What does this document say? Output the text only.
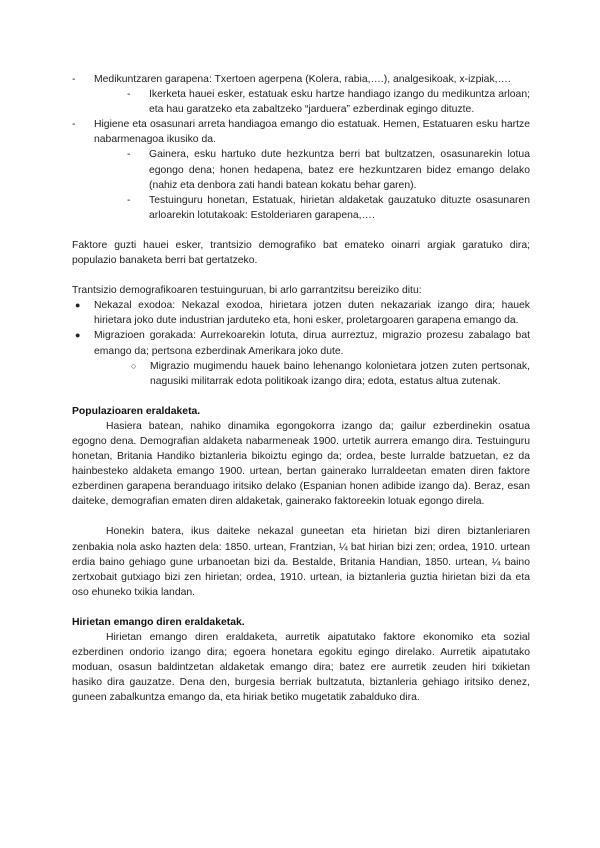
- Medikuntzaren garapena: Txertoen agerpena (Kolera, rabia,….), analgesikoak, x-izpiak,….
- Ikerketa hauei esker, estatuak esku hartze handiago izango du medikuntza arloan; eta hau garatzeko eta zabaltzeko “jarduera” ezberdinak egingo dituzte.
- Higiene eta osasunari arreta handiagoa emango dio estatuak. Hemen, Estatuaren esku hartze nabarmenagoa ikusiko da.
- Gainera, esku hartuko dute hezkuntza berri bat bultzatzen, osasunarekin lotua egongo dena; honen hedapena, batez ere hezkuntzaren bidez emango delako (nahiz eta denbora zati handi batean kokatu behar garen).
- Testuinguru honetan, Estatuak, hirietan aldaketak gauzatuko dituzte osasunaren arloarekin lotutakoak: Estolderiaren garapena,….

Faktore guzti hauei esker, trantsizio demografiko bat emateko oinarri argiak garatuko dira; populazio banaketa berri bat gertatzeko.

Trantsizio demografikoaren testuinguruan, bi arlo garrantzitsu bereiziko ditu:

● Nekazal exodoa: Nekazal exodoa, hirietara jotzen duten nekazariak izango dira; hauek hirietara joko dute industrian jarduteko eta, honi esker, proletargoaren garapena emango da.
● Migrazioen gorakada: Aurrekoarekin lotuta, dirua aurreztuz, migrazio prozesu zabalago bat emango da; pertsona ezberdinak Amerikara joko dute.
○ Migrazio mugimendu hauek baino lehenango kolonietara jotzen zuten pertsonak, nagusiki militarrak edota politikoak izango dira; edota, estatus altua zutenak.
Populazioaren eraldaketa.

Hasiera batean, nahiko dinamika egongokorra izango da; gailur ezberdinekin osatua egogno dena. Demografian aldaketa nabarmeneak 1900. urtetik aurrera emango dira. Testuinguru honetan, Britania Handiko biztanleria bikoiztu egingo da; ordea, beste lurralde batzuetan, ez da hainbesteko aldaketa emango 1900. urtean, bertan gainerako lurraldeetan ematen diren faktore ezberdinen garapena beranduago iritsiko delako (Espanian honen adibide izango da). Beraz, esan daiteke, demografian ematen diren aldaketak, gainerako faktoreekin lotuak egongo direla.

Honekin batera, ikus daiteke nekazal guneetan eta hirietan bizi diren biztanleriaren zenbakia nola asko hazten dela: 1850. urtean, Frantzian, ¼ bat hirian bizi zen; ordea, 1910. urtean erdia baino gehiago gune urbanoetan bizi da. Bestalde, Britania Handian, 1850. urtean, ¼ baino zertxobait gutxiago bizi zen hirietan; ordea, 1910. urtean, ia biztanleria guztia hirietan bizi da eta oso ehuneko txikia landan.

Hirietan emango diren eraldaketak.

Hirietan emango diren eraldaketa, aurretik aipatutako faktore ekonomiko eta sozial ezberdinen ondorio izango dira; egoera honetara egokitu egingo direlako. Aurretik aipatutako moduan, osasun baldintzetan aldaketak emango dira; batez ere aurretik zeuden hiri txikietan hasiko dira gauzatze. Dena den, burgesia berriak bultzatuta, biztanleria gehiago iritsiko denez, guneen zabalkuntza emango da, eta hiriak betiko mugetatik zabalduko dira.
